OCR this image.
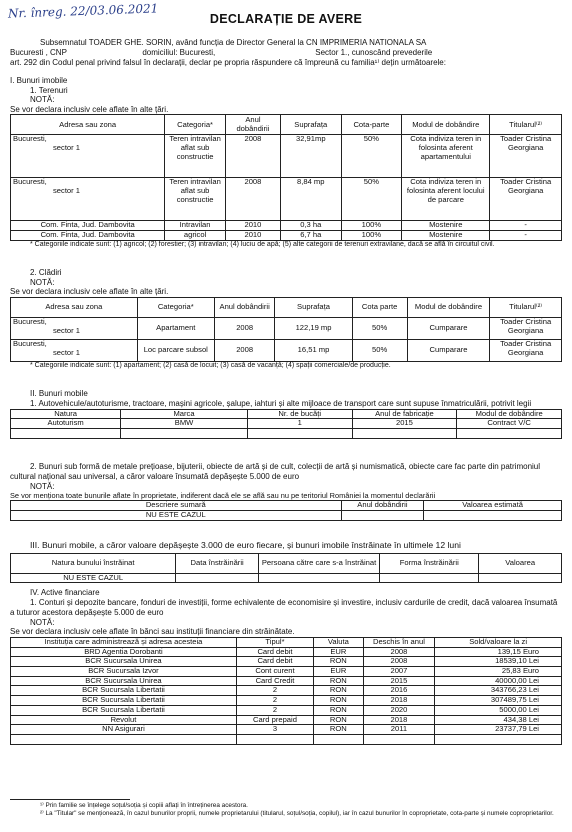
Nr. înreg. 22/03.06.2021	DECLARAȚIE DE AVERE

Subsemnatul TOADER GHE. SORIN, având funcția de Director General la CN IMPRIMERIA NATIONALA SA

Bucuresti , CNP                                  domiciliul: Bucuresti,                                             Sector 1., cunoscând prevederile

art. 292 din Codul penal privind falsul în declarații, declar pe propria răspundere că împreună cu familia¹⁾ dețin următoarele:

I. Bunuri imobile
1. Terenuri
NOTĂ:
Se vor declara inclusiv cele aflate în alte țări.
Adresa sau zona	Categoria*	Anul dobândirii	Suprafața	Cota-parte	Modul de dobândire	Titularul⁽²⁾
Bucuresti,
sector 1	Teren intravilan aflat sub constructie	2008	32,91mp	50%	Cota indiviza teren in folosinta aferent apartamentului	Toader Cristina Georgiana
Bucuresti,
sector 1	Teren intravilan aflat sub constructie	2008	8,84 mp	50%	Cota indiviza teren in folosinta aferent locului de parcare	Toader Cristina Georgiana
Com. Finta, Jud. Dambovita	Intravilan	2010	0,3 ha	100%	Mostenire	-
Com. Finta, Jud. Dambovita	agricol	2010	6,7 ha	100%	Mostenire	-
* Categoriile indicate sunt: (1) agricol; (2) forestier; (3) intravilan; (4) luciu de apă; (5) alte categorii de terenuri extravilane, dacă se află în circuitul civil.
2. Clădiri
NOTĂ:
Se vor declara inclusiv cele aflate în alte țări.
Adresa sau zona	Categoria*	Anul dobândirii	Suprafața	Cota parte	Modul de dobândire	Titularul⁽²⁾
Bucuresti,
sector 1	Apartament	2008	122,19 mp	50%	Cumparare	Toader Cristina Georgiana
Bucuresti,
sector 1	Loc parcare subsol	2008	16,51 mp	50%	Cumparare	Toader Cristina Georgiana
* Categoriile indicate sunt: (1) apartament; (2) casă de locuit; (3) casă de vacanță; (4) spații comerciale/de producție.
II. Bunuri mobile
1. Autovehicule/autoturisme, tractoare, mașini agricole, șalupe, iahturi și alte mijloace de transport care sunt supuse înmatriculării, potrivit legii
Natura	Marca	Nr. de bucăți	Anul de fabricație	Modul de dobândire
Autoturism	BMW	1	2015	Contract V/C

2. Bunuri sub formă de metale prețioase, bijuterii, obiecte de artă și de cult, colecții de artă și numismatică, obiecte care fac parte din patrimoniul cultural național sau universal, a căror valoare însumată depășește 5.000 de euro
NOTĂ:
Se vor menționa toate bunurile aflate în proprietate, indiferent dacă ele se află sau nu pe teritoriul României la momentul declarării
Descriere sumară	Anul dobândirii	Valoarea estimată
NU ESTE CAZUL		
III. Bunuri mobile, a căror valoare depășește 3.000 de euro fiecare, și bunuri imobile înstrăinate în ultimele 12 luni
Natura bunului înstrăinat	Data înstrăinării	Persoana către care s-a înstrăinat	Forma înstrăinării	Valoarea
NU ESTE CAZUL				
IV. Active financiare
1. Conturi și depozite bancare, fonduri de investiții, forme echivalente de economisire și investire, inclusiv cardurile de credit, dacă valoarea însumată a tuturor acestora depășește 5.000 de euro
NOTĂ:
Se vor declara inclusiv cele aflate în bănci sau instituții financiare din străinătate.
Instituția care administrează și adresa acesteia	Tipul*	Valuta	Deschis în anul	Sold/valoare la zi
BRD Agentia Dorobanti	Card debit	EUR	2008	139,15 Euro
BCR Sucursala Unirea	Card debit	RON	2008	18539,10 Lei
BCR Sucursala Izvor	Cont curent	EUR	2007	25,83 Euro
BCR Sucursala Unirea	Card Credit	RON	2015	40000,00 Lei
BCR Sucursala Libertatii	2	RON	2016	343766,23 Lei
BCR Sucursala Libertatii	2	RON	2018	307489,75 Lei
BCR Sucursala Libertatii	2	RON	2020	5000,00 Lei
Revolut	Card prepaid	RON	2018	434,38 Lei
NN Asigurari	3	RON	2011	23737,79 Lei

¹⁾ Prin familie se înțelege soțul/soția și copiii aflați în întreținerea acestora.
²⁾ La "Titular" se menționează, în cazul bunurilor proprii, numele proprietarului (titularul, soțul/soția, copilul), iar în cazul bunurilor în coproprietate, cota-parte și numele coproprietarilor.
